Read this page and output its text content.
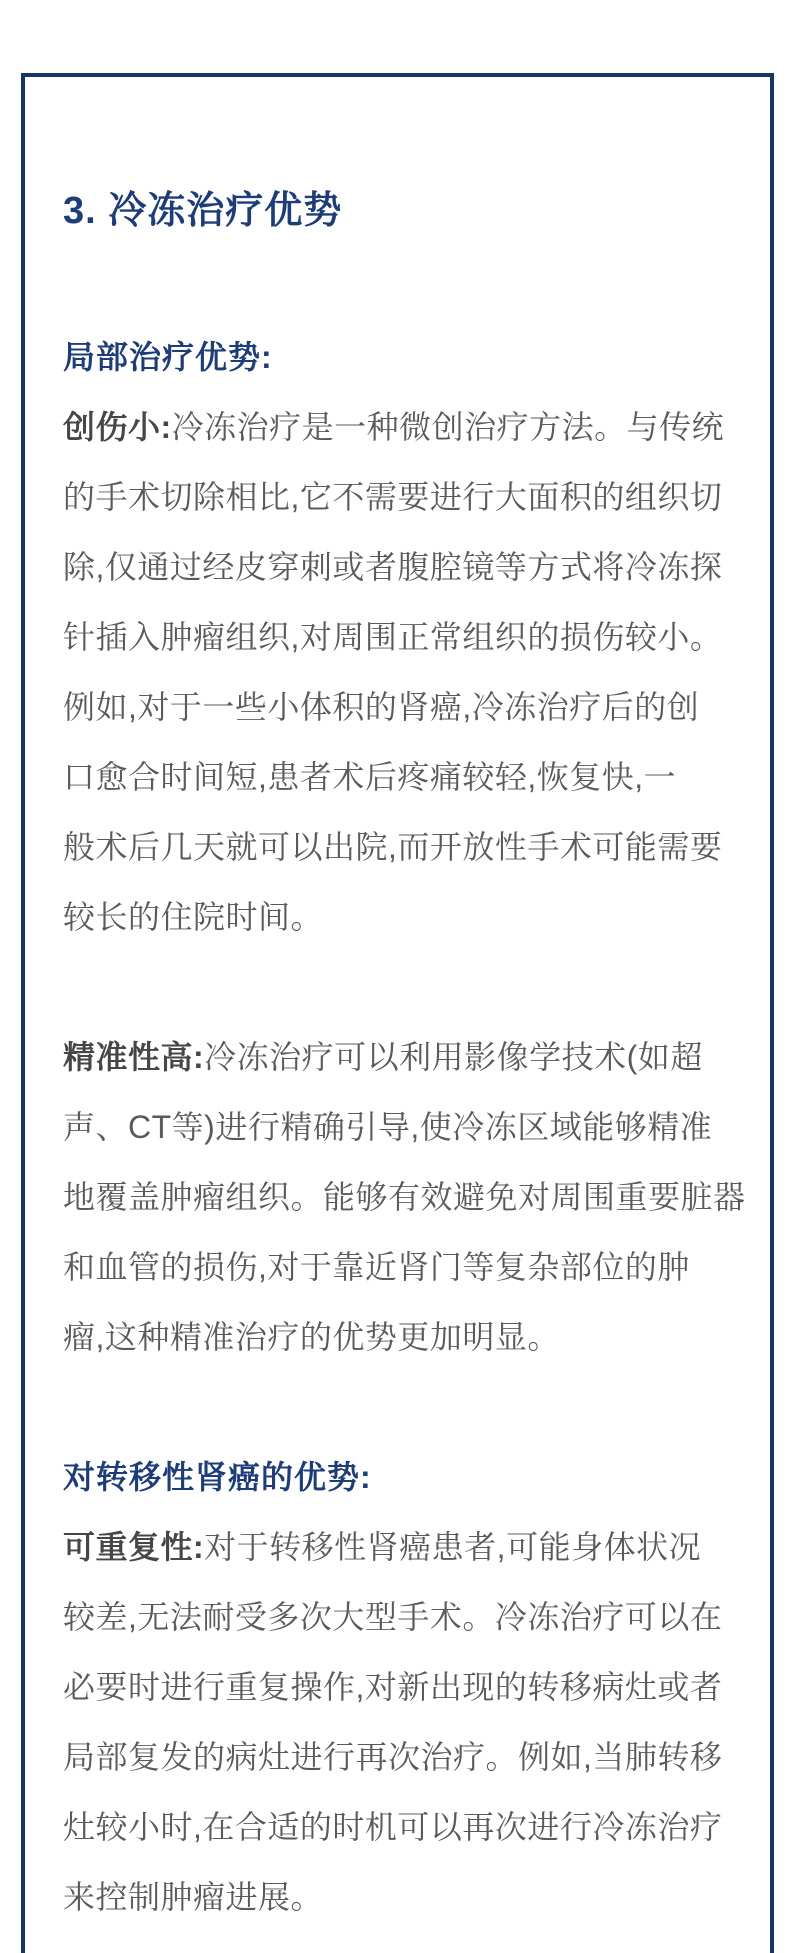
3. 冷冻治疗优势
局部治疗优势:
创伤小:冷冻治疗是一种微创治疗方法。与传统
的手术切除相比,它不需要进行大面积的组织切
除,仅通过经皮穿刺或者腹腔镜等方式将冷冻探
针插入肿瘤组织,对周围正常组织的损伤较小。
例如,对于一些小体积的肾癌,冷冻治疗后的创
口愈合时间短,患者术后疼痛较轻,恢复快,一
般术后几天就可以出院,而开放性手术可能需要
较长的住院时间。
精准性高:冷冻治疗可以利用影像学技术(如超
声、CT等)进行精确引导,使冷冻区域能够精准
地覆盖肿瘤组织。能够有效避免对周围重要脏器
和血管的损伤,对于靠近肾门等复杂部位的肿
瘤,这种精准治疗的优势更加明显。
对转移性肾癌的优势:
可重复性:对于转移性肾癌患者,可能身体状况
较差,无法耐受多次大型手术。冷冻治疗可以在
必要时进行重复操作,对新出现的转移病灶或者
局部复发的病灶进行再次治疗。例如,当肺转移
灶较小时,在合适的时机可以再次进行冷冻治疗
来控制肿瘤进展。
